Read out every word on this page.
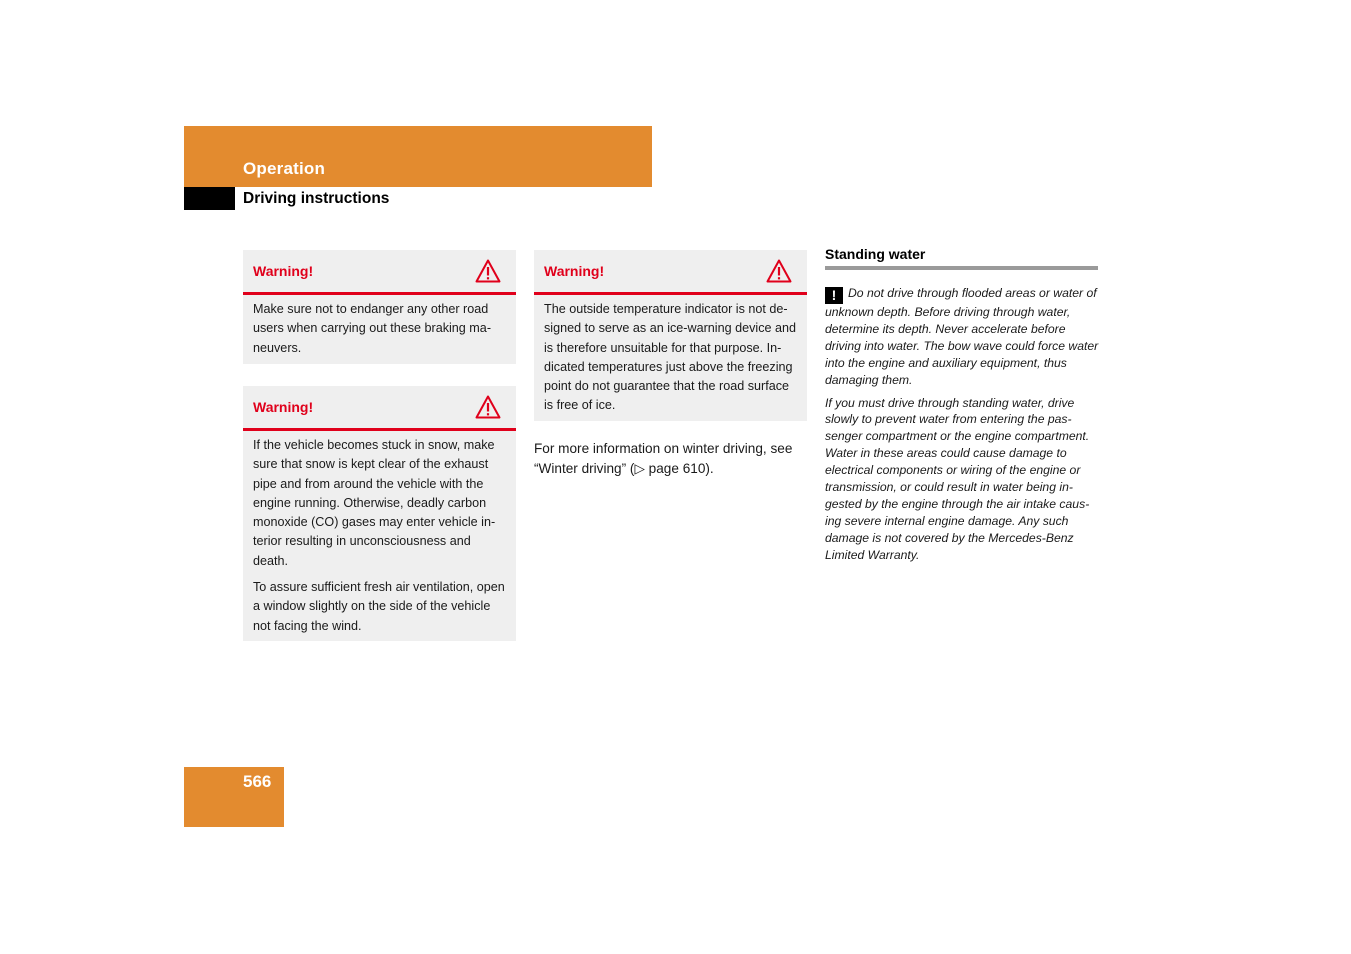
Operation
Driving instructions
Warning!

Make sure not to endanger any other road users when carrying out these braking maneuvers.

Warning!

If the vehicle becomes stuck in snow, make sure that snow is kept clear of the exhaust pipe and from around the vehicle with the engine running. Otherwise, deadly carbon monoxide (CO) gases may enter vehicle interior resulting in unconsciousness and death.

To assure sufficient fresh air ventilation, open a window slightly on the side of the vehicle not facing the wind.

Warning!

The outside temperature indicator is not designed to serve as an ice-warning device and is therefore unsuitable for that purpose. Indicated temperatures just above the freezing point do not guarantee that the road surface is free of ice.

For more information on winter driving, see “Winter driving” (▷ page 610).
Standing water

! Do not drive through flooded areas or water of unknown depth. Before driving through water, determine its depth. Never accelerate before driving into water. The bow wave could force water into the engine and auxiliary equipment, thus damaging them.

If you must drive through standing water, drive slowly to prevent water from entering the passenger compartment or the engine compartment. Water in these areas could cause damage to electrical components or wiring of the engine or transmission, or could result in water being ingested by the engine through the air intake causing severe internal engine damage. Any such damage is not covered by the Mercedes-Benz Limited Warranty.

566
